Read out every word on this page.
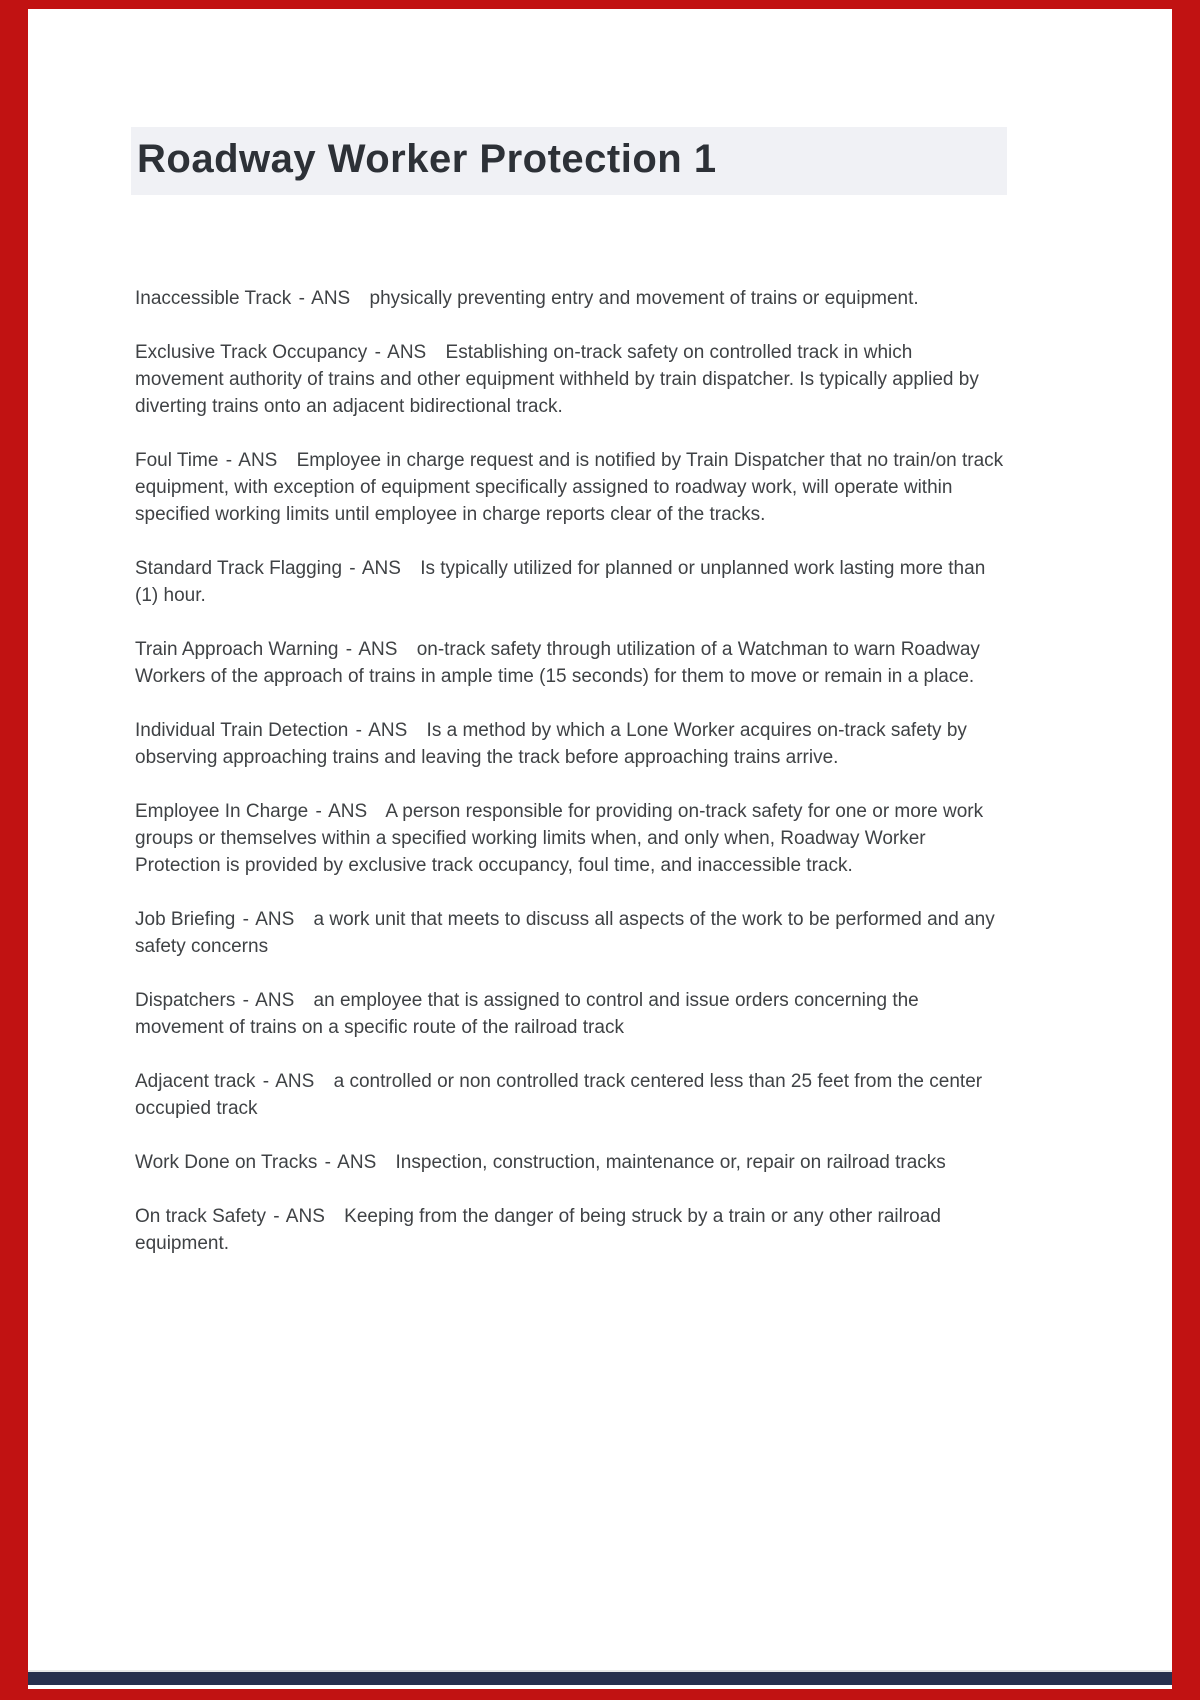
Roadway Worker Protection 1

Inaccessible Track - ANS physically preventing entry and movement of trains or equipment.

Exclusive Track Occupancy - ANS Establishing on-track safety on controlled track in which movement authority of trains and other equipment withheld by train dispatcher. Is typically applied by diverting trains onto an adjacent bidirectional track.

Foul Time - ANS Employee in charge request and is notified by Train Dispatcher that no train/on track equipment, with exception of equipment specifically assigned to roadway work, will operate within specified working limits until employee in charge reports clear of the tracks.

Standard Track Flagging - ANS Is typically utilized for planned or unplanned work lasting more than (1) hour.

Train Approach Warning - ANS on-track safety through utilization of a Watchman to warn Roadway Workers of the approach of trains in ample time (15 seconds) for them to move or remain in a place.

Individual Train Detection - ANS Is a method by which a Lone Worker acquires on-track safety by observing approaching trains and leaving the track before approaching trains arrive.

Employee In Charge - ANS A person responsible for providing on-track safety for one or more work groups or themselves within a specified working limits when, and only when, Roadway Worker Protection is provided by exclusive track occupancy, foul time, and inaccessible track.

Job Briefing - ANS a work unit that meets to discuss all aspects of the work to be performed and any safety concerns

Dispatchers - ANS an employee that is assigned to control and issue orders concerning the movement of trains on a specific route of the railroad track

Adjacent track - ANS a controlled or non controlled track centered less than 25 feet from the center occupied track

Work Done on Tracks - ANS Inspection, construction, maintenance or, repair on railroad tracks

On track Safety - ANS Keeping from the danger of being struck by a train or any other railroad equipment.
